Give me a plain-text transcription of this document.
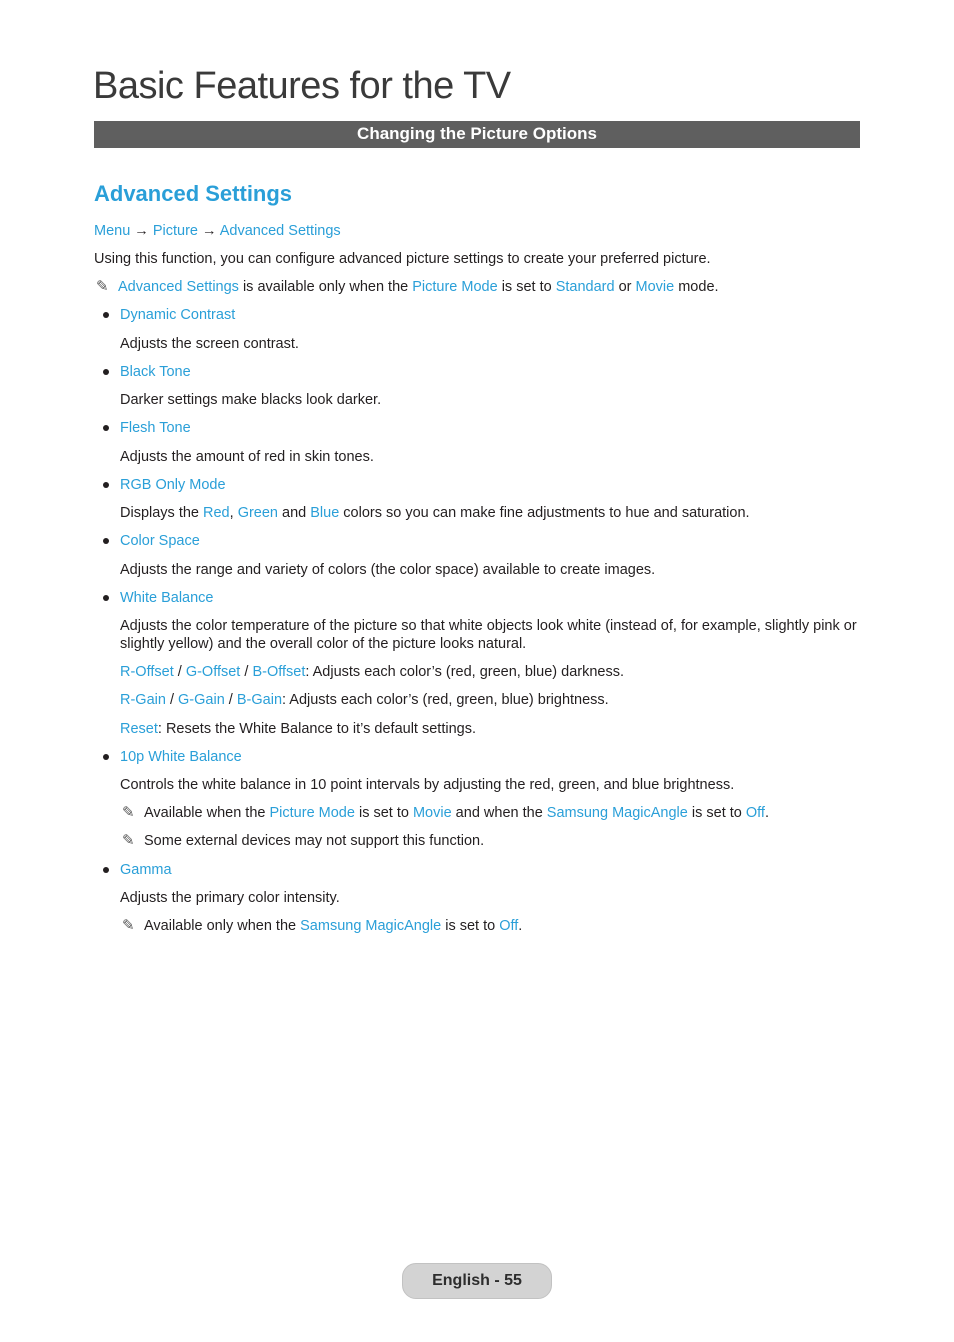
Basic Features for the TV
Changing the Picture Options
Advanced Settings
Menu → Picture → Advanced Settings
Using this function, you can configure advanced picture settings to create your preferred picture.
✎ Advanced Settings is available only when the Picture Mode is set to Standard or Movie mode.
Dynamic Contrast
Adjusts the screen contrast.
Black Tone
Darker settings make blacks look darker.
Flesh Tone
Adjusts the amount of red in skin tones.
RGB Only Mode
Displays the Red, Green and Blue colors so you can make fine adjustments to hue and saturation.
Color Space
Adjusts the range and variety of colors (the color space) available to create images.
White Balance
Adjusts the color temperature of the picture so that white objects look white (instead of, for example, slightly pink or slightly yellow) and the overall color of the picture looks natural.
R-Offset / G-Offset / B-Offset: Adjusts each color’s (red, green, blue) darkness.
R-Gain / G-Gain / B-Gain: Adjusts each color’s (red, green, blue) brightness.
Reset: Resets the White Balance to it’s default settings.
10p White Balance
Controls the white balance in 10 point intervals by adjusting the red, green, and blue brightness.
✎ Available when the Picture Mode is set to Movie and when the Samsung MagicAngle is set to Off.
✎ Some external devices may not support this function.
Gamma
Adjusts the primary color intensity.
✎ Available only when the Samsung MagicAngle is set to Off.
English - 55
